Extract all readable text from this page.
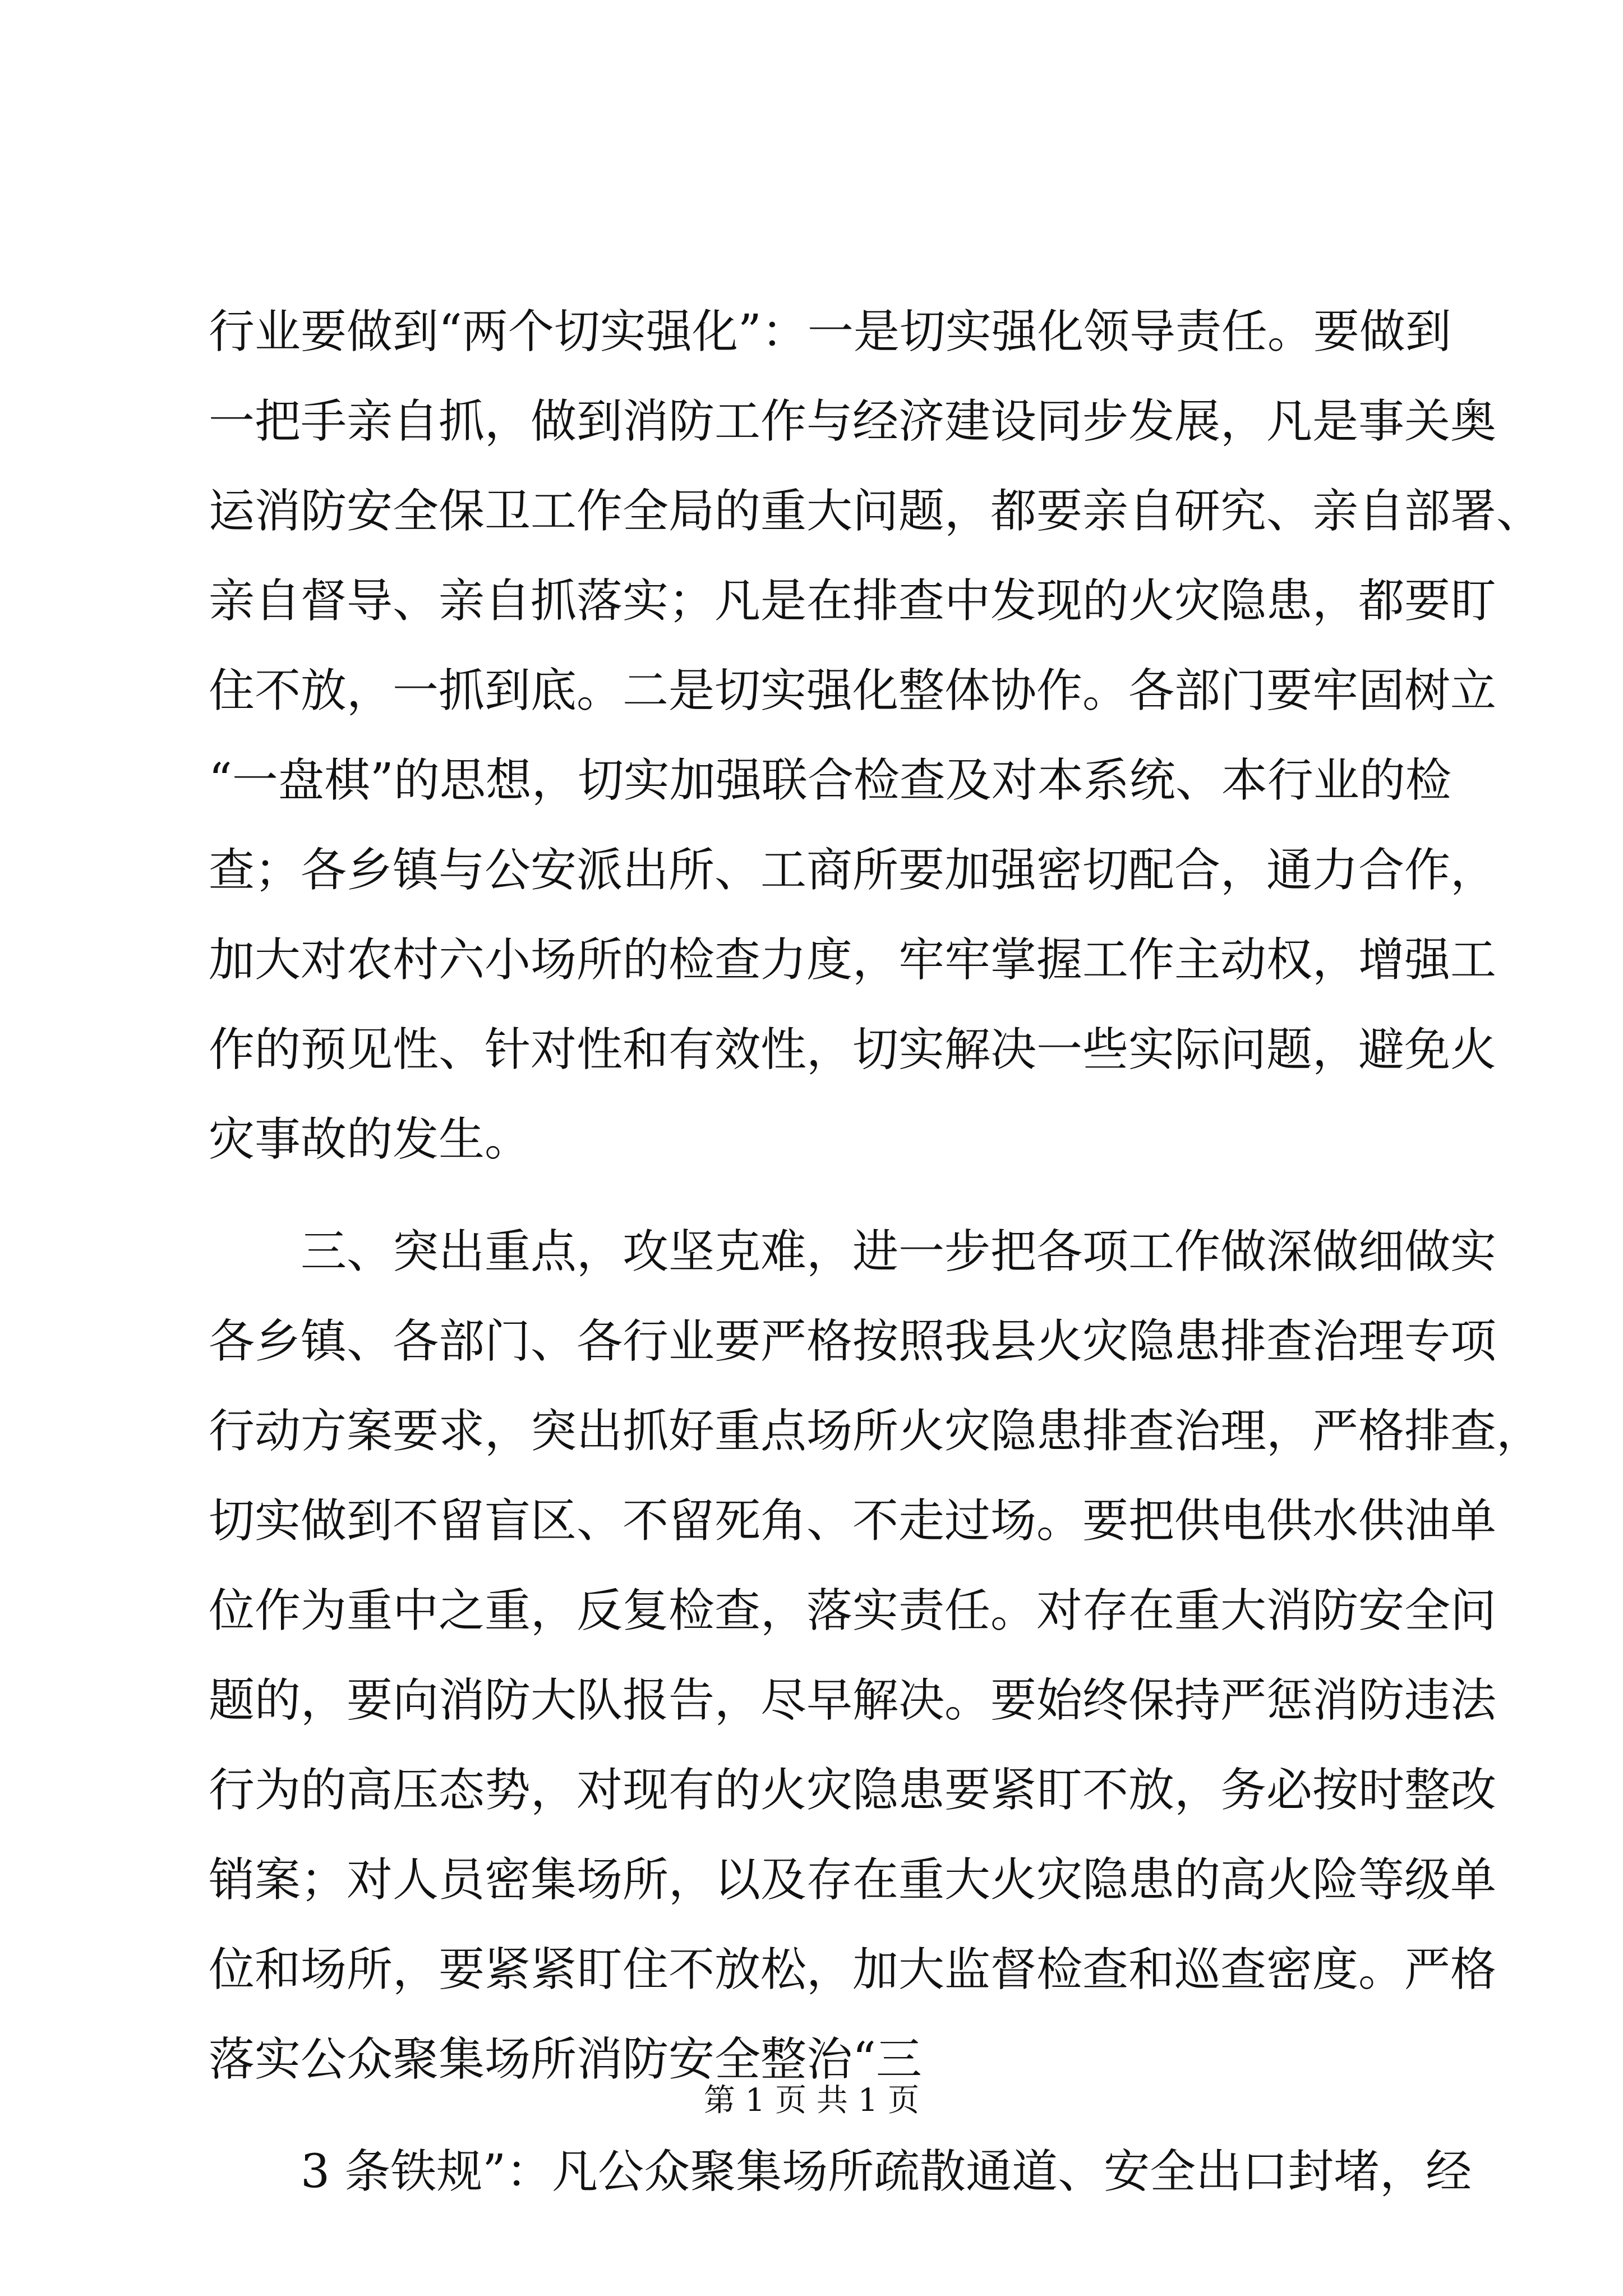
行业要做到“两个切实强化”：一是切实强化领导责任。要做到
一把手亲自抓，做到消防工作与经济建设同步发展，凡是事关奥
运消防安全保卫工作全局的重大问题，都要亲自研究、亲自部署、
亲自督导、亲自抓落实；凡是在排查中发现的火灾隐患，都要盯
住不放，一抓到底。二是切实强化整体协作。各部门要牢固树立
“一盘棋”的思想，切实加强联合检查及对本系统、本行业的检
查；各乡镇与公安派出所、工商所要加强密切配合，通力合作，
加大对农村六小场所的检查力度，牢牢掌握工作主动权，增强工
作的预见性、针对性和有效性，切实解决一些实际问题，避免火
灾事故的发生。
三、突出重点，攻坚克难，进一步把各项工作做深做细做实
各乡镇、各部门、各行业要严格按照我县火灾隐患排查治理专项
行动方案要求，突出抓好重点场所火灾隐患排查治理，严格排查，
切实做到不留盲区、不留死角、不走过场。要把供电供水供油单
位作为重中之重，反复检查，落实责任。对存在重大消防安全问
题的，要向消防大队报告，尽早解决。要始终保持严惩消防违法
行为的高压态势，对现有的火灾隐患要紧盯不放，务必按时整改
销案；对人员密集场所，以及存在重大火灾隐患的高火险等级单
位和场所，要紧紧盯住不放松，加大监督检查和巡查密度。严格
落实公众聚集场所消防安全整治“三
3 条铁规”：凡公众聚集场所疏散通道、安全出口封堵，经
第 1 页 共 1 页
